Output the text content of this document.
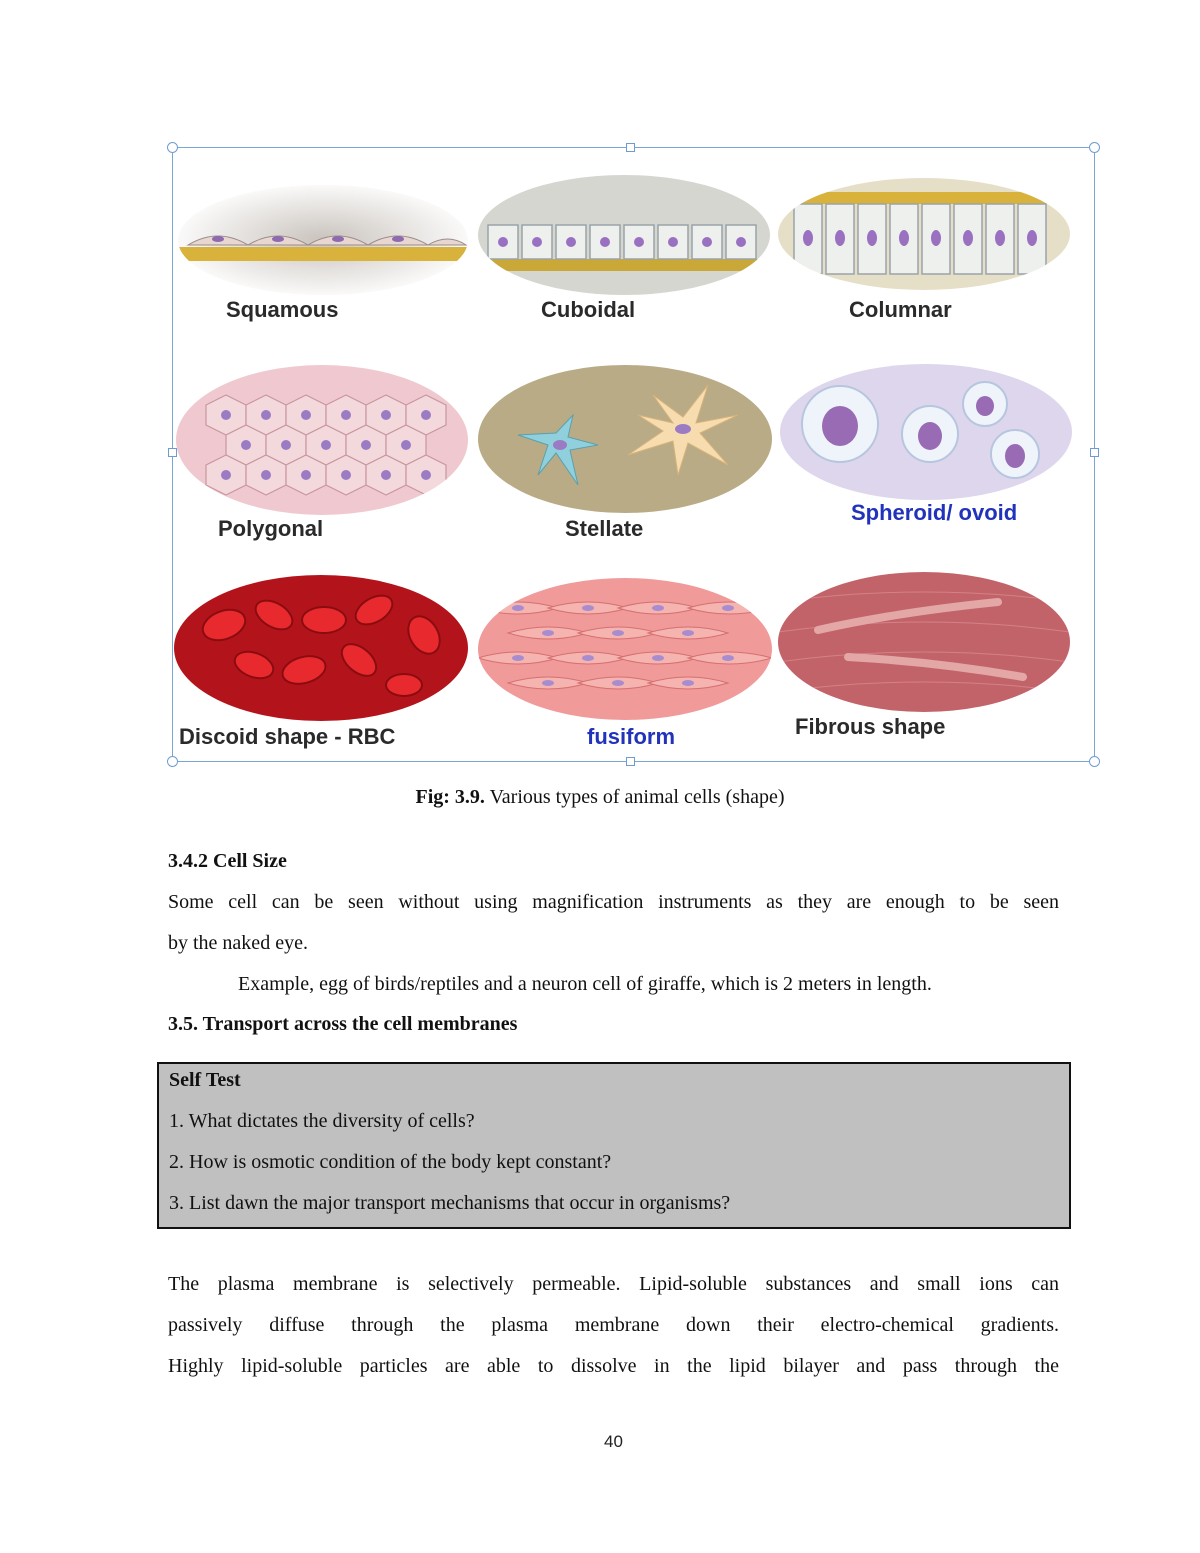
Squamous	Cuboidal	Columnar
Polygonal	Stellate
Spheroid/ ovoid
Discoid shape - RBC	fusiform	Fibrous shape
Fig: 3.9. Various types of animal cells (shape)
3.4.2 Cell Size
Some cell can be seen without using magnification instruments as they are enough to be seen
by the naked eye.
Example, egg of birds/reptiles and a neuron cell of giraffe, which is 2 meters in length.
3.5. Transport across the cell membranes
Self Test
1. What dictates the diversity of cells?
2. How is osmotic condition of the body kept constant?
3. List dawn the major transport mechanisms that occur in organisms?
The plasma membrane is selectively permeable. Lipid-soluble substances and small ions can
passively diffuse through the plasma membrane down their electro-chemical gradients.
Highly lipid-soluble particles are able to dissolve in the lipid bilayer and pass through the
40
